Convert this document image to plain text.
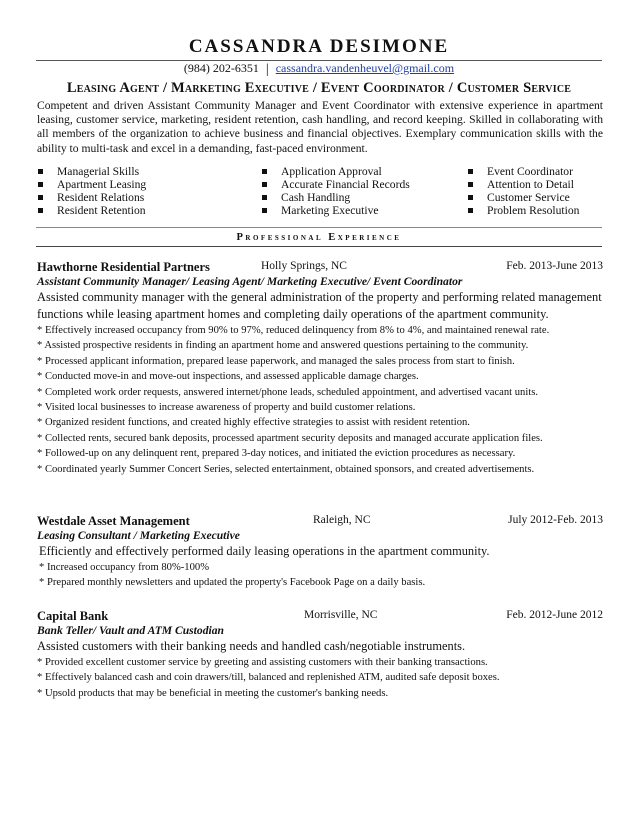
CASSANDRA DESIMONE
(984) 202-6351 | cassandra.vandenheuvel@gmail.com
Leasing Agent / Marketing Executive / Event Coordinator / Customer Service
Competent and driven Assistant Community Manager and Event Coordinator with extensive experience in apartment leasing, customer service, marketing, resident retention, cash handling, and record keeping. Skilled in collaborating with all members of the organization to achieve business and financial objectives. Exemplary communication skills with the ability to multi-task and excel in a demanding, fast-paced environment.
Managerial Skills
Apartment Leasing
Resident Relations
Resident Retention
Application Approval
Accurate Financial Records
Cash Handling
Marketing Executive
Event Coordinator
Attention to Detail
Customer Service
Problem Resolution
Professional Experience
Hawthorne Residential Partners	Holly Springs, NC	Feb. 2013-June 2013
Assistant Community Manager/ Leasing Agent/ Marketing Executive/ Event Coordinator
Assisted community manager with the general administration of the property and performing related management functions while leasing apartment homes and completing daily operations of the apartment community.
* Effectively increased occupancy from 90% to 97%, reduced delinquency from 8% to 4%, and maintained renewal rate.
* Assisted prospective residents in finding an apartment home and answered questions pertaining to the community.
* Processed applicant information, prepared lease paperwork, and managed the sales process from start to finish.
* Conducted move-in and move-out inspections, and assessed applicable damage charges.
* Completed work order requests, answered internet/phone leads, scheduled appointment, and advertised vacant units.
* Visited local businesses to increase awareness of property and build customer relations.
* Organized resident functions, and created highly effective strategies to assist with resident retention.
* Collected rents, secured bank deposits, processed apartment security deposits and managed accurate application files.
* Followed-up on any delinquent rent, prepared 3-day notices, and initiated the eviction procedures as necessary.
* Coordinated yearly Summer Concert Series, selected entertainment, obtained sponsors, and created advertisements.
Westdale Asset Management	Raleigh, NC	July 2012-Feb. 2013
Leasing Consultant / Marketing Executive
Efficiently and effectively performed daily leasing operations in the apartment community.
* Increased occupancy from 80%-100%
* Prepared monthly newsletters and updated the property's Facebook Page on a daily basis.
Capital Bank	Morrisville, NC	Feb. 2012-June 2012
Bank Teller/ Vault and ATM Custodian
Assisted customers with their banking needs and handled cash/negotiable instruments.
* Provided excellent customer service by greeting and assisting customers with their banking transactions.
* Effectively balanced cash and coin drawers/till, balanced and replenished ATM, audited safe deposit boxes.
* Upsold products that may be beneficial in meeting the customer's banking needs.
